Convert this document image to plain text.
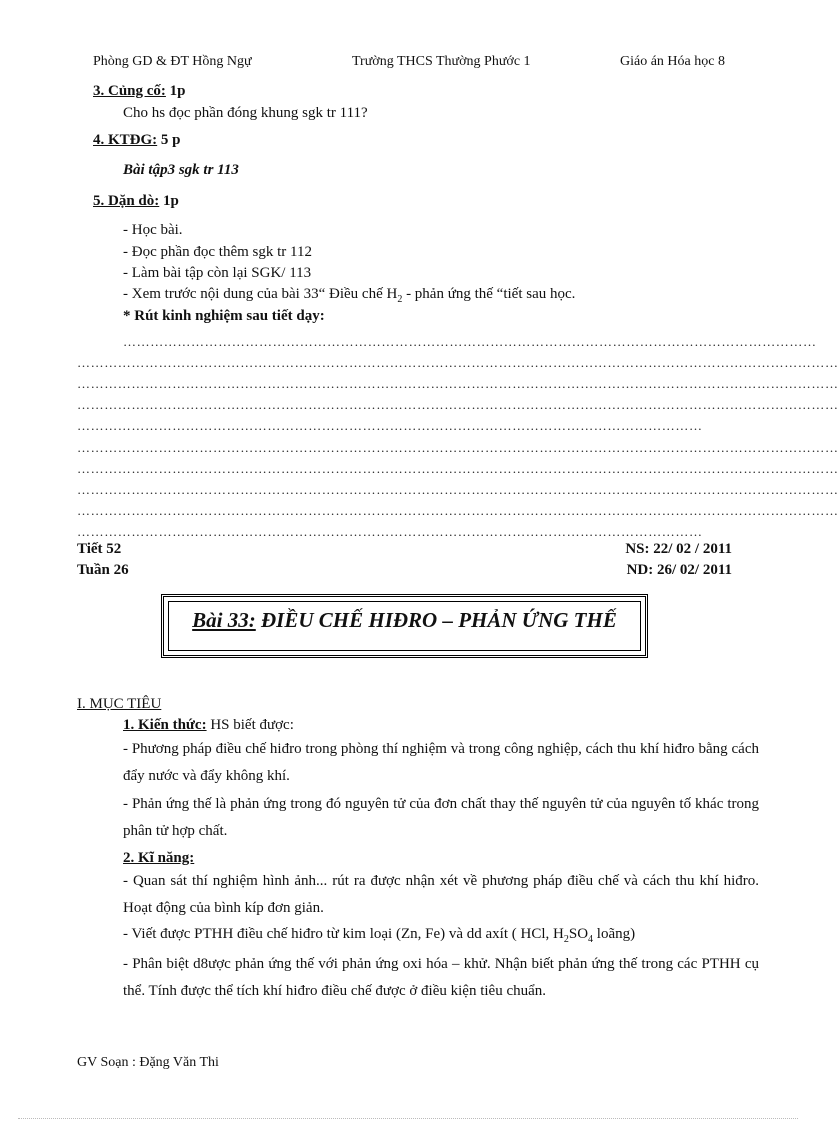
Phòng GD & ĐT Hồng Ngự	Trường THCS Thường Phước 1	Giáo án Hóa học 8
3. Củng cố: 1p
Cho hs đọc phần đóng khung sgk tr 111?
4. KTĐG: 5 p
Bài tập3 sgk tr 113
5. Dặn dò: 1p
- Học bài.
- Đọc phần đọc thêm sgk tr 112
- Làm bài tập còn lại SGK/ 113
- Xem trước nội dung của bài 33“ Điều chế $H_2$ - phản ứng thế “tiết sau học.
* Rút kinh nghiệm sau tiết dạy:
………………………………………………………………………………………………………………………………………
……………………………………………………………………………………………………………………………………………………
……………………………………………………………………………………………………………………………………………………
……………………………………………………………………………………………………………………………………………………
…………………………………………………………………………………………………………………………
……………………………………………………………………………………………………………………………………………………
……………………………………………………………………………………………………………………………………………………
……………………………………………………………………………………………………………………………………………………
……………………………………………………………………………………………………………………………………………………
…………………………………………………………………………………………………………………………
Tiết 52
Tuần 26
NS: 22/ 02 / 2011
ND: 26/ 02/ 2011
Bài 33: ĐIỀU CHẾ HIĐRO – PHẢN ỨNG THẾ
I. MỤC TIÊU
1. Kiến thức: HS biết được:
- Phương pháp điều chế hiđro trong phòng thí nghiệm và trong công nghiệp, cách thu khí hiđro bằng cách đẩy nước và đẩy không khí.
- Phản ứng thế là phản ứng trong đó nguyên tử của đơn chất thay thế nguyên tử của nguyên tố khác trong phân tử hợp chất.
2. Kĩ năng:
- Quan sát thí nghiệm hình ảnh... rút ra được nhận xét về phương pháp điều chế và cách thu khí hiđro. Hoạt động của bình kíp đơn giản.
- Viết được PTHH điều chế hiđro từ kim loại (Zn, Fe) và dd axít ( HCl, $H_2SO_4$ loãng)
- Phân biệt d8ược phản ứng thế với phản ứng oxi hóa – khử. Nhận biết phản ứng thế trong các PTHH cụ thể. Tính được thể tích khí hiđro điều chế được ở điều kiện tiêu chuẩn.
GV Soạn : Đặng Văn Thi
